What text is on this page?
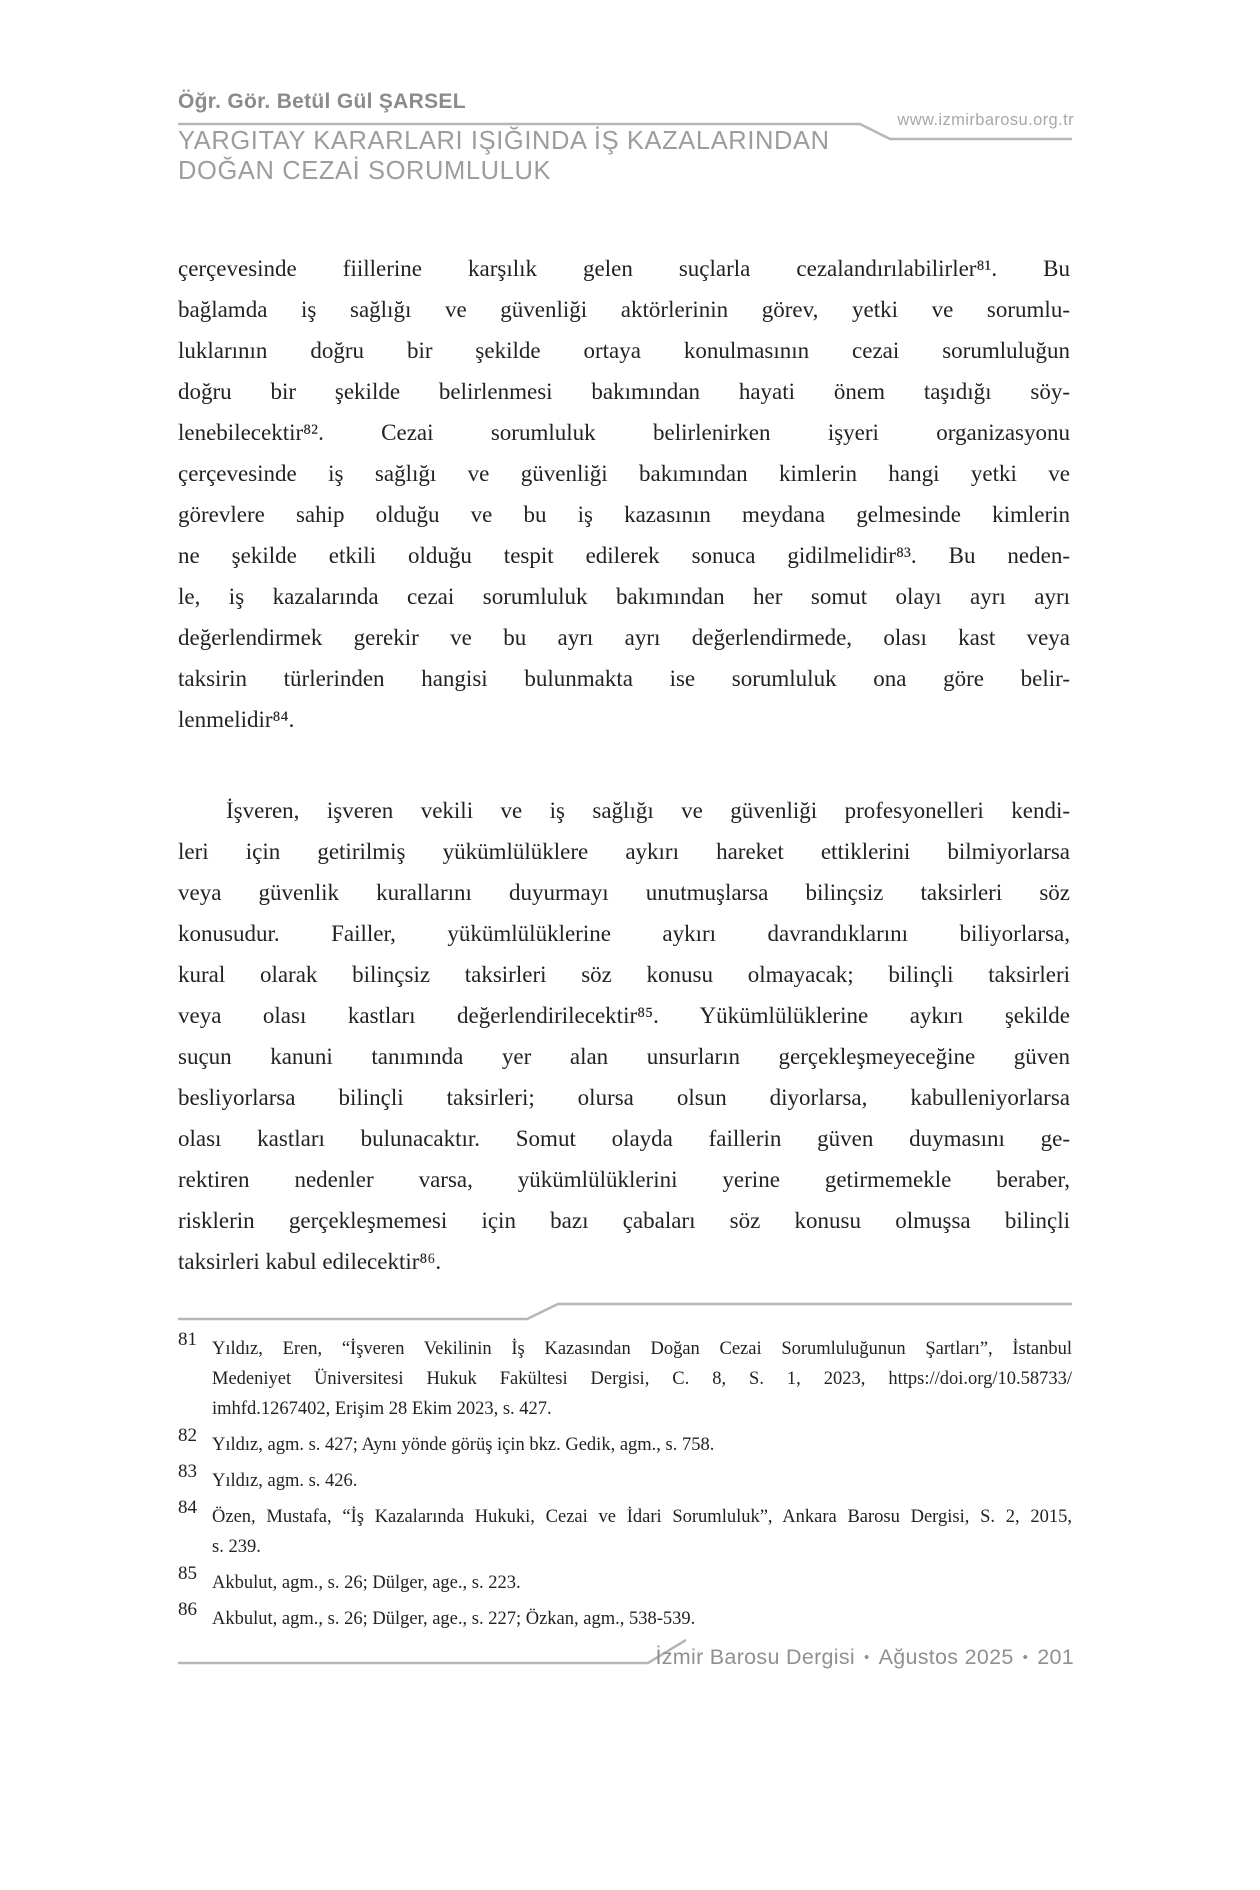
Öğr. Gör. Betül Gül ŞARSEL
www.izmirbarosu.org.tr
YARGITAY KARARLARI IŞIĞINDA İŞ KAZALARINDAN
DOĞAN CEZAİ SORUMLULUK
çerçevesinde fiillerine karşılık gelen suçlarla cezalandırılabilirler⁸¹. Bu
bağlamda iş sağlığı ve güvenliği aktörlerinin görev, yetki ve sorumlu-
luklarının doğru bir şekilde ortaya konulmasının cezai sorumluluğun
doğru bir şekilde belirlenmesi bakımından hayati önem taşıdığı söy-
lenebilecektir⁸². Cezai sorumluluk belirlenirken işyeri organizasyonu
çerçevesinde iş sağlığı ve güvenliği bakımından kimlerin hangi yetki ve
görevlere sahip olduğu ve bu iş kazasının meydana gelmesinde kimlerin
ne şekilde etkili olduğu tespit edilerek sonuca gidilmelidir⁸³. Bu neden-
le, iş kazalarında cezai sorumluluk bakımından her somut olayı ayrı ayrı
değerlendirmek gerekir ve bu ayrı ayrı değerlendirmede, olası kast veya
taksirin türlerinden hangisi bulunmakta ise sorumluluk ona göre belir-
lenmelidir⁸⁴.
İşveren, işveren vekili ve iş sağlığı ve güvenliği profesyonelleri kendi-
leri için getirilmiş yükümlülüklere aykırı hareket ettiklerini bilmiyorlarsa
veya güvenlik kurallarını duyurmayı unutmuşlarsa bilinçsiz taksirleri söz
konusudur. Failler, yükümlülüklerine aykırı davrandıklarını biliyorlarsa,
kural olarak bilinçsiz taksirleri söz konusu olmayacak; bilinçli taksirleri
veya olası kastları değerlendirilecektir⁸⁵. Yükümlülüklerine aykırı şekilde
suçun kanuni tanımında yer alan unsurların gerçekleşmeyeceğine güven
besliyorlarsa bilinçli taksirleri; olursa olsun diyorlarsa, kabulleniyorlarsa
olası kastları bulunacaktır. Somut olayda faillerin güven duymasını ge-
rektiren nedenler varsa, yükümlülüklerini yerine getirmemekle beraber,
risklerin gerçekleşmemesi için bazı çabaları söz konusu olmuşsa bilinçli
taksirleri kabul edilecektir⁸⁶.
81 Yıldız, Eren, “İşveren Vekilinin İş Kazasından Doğan Cezai Sorumluluğunun Şartları”, İstanbul
Medeniyet Üniversitesi Hukuk Fakültesi Dergisi, C. 8, S. 1, 2023, https://doi.org/10.58733/
imhfd.1267402, Erişim 28 Ekim 2023, s. 427.
82 Yıldız, agm. s. 427; Aynı yönde görüş için bkz. Gedik, agm., s. 758.
83 Yıldız, agm. s. 426.
84 Özen, Mustafa, “İş Kazalarında Hukuki, Cezai ve İdari Sorumluluk”, Ankara Barosu Dergisi, S. 2, 2015,
s. 239.
85 Akbulut, agm., s. 26; Dülger, age., s. 223.
86 Akbulut, agm., s. 26; Dülger, age., s. 227; Özkan, agm., 538-539.
İzmir Barosu Dergisi • Ağustos 2025 • 201
